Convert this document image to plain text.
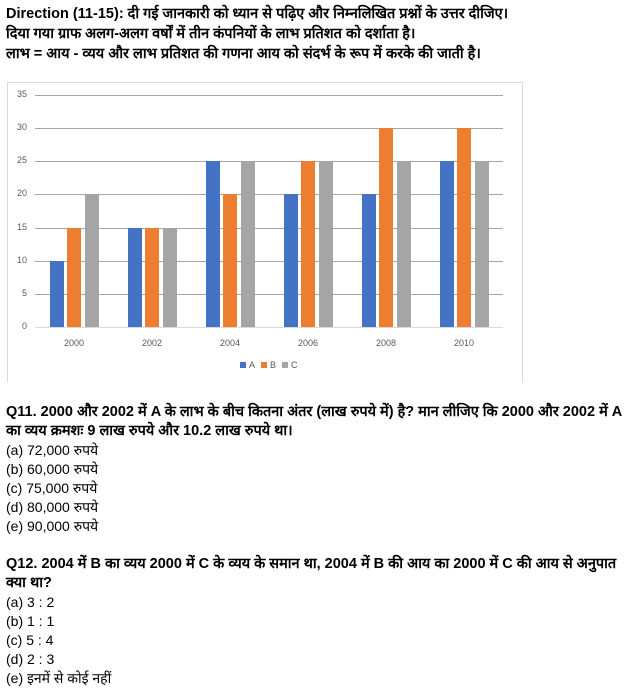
Direction (11-15): दी गई जानकारी को ध्यान से पढ़िए और निम्नलिखित प्रश्नों के उत्तर दीजिए।
दिया गया ग्राफ अलग-अलग वर्षों में तीन कंपनियों के लाभ प्रतिशत को दर्शाता है।
लाभ = आय - व्यय और लाभ प्रतिशत की गणना आय को संदर्भ के रूप में करके की जाती है।
0
5
10
15
20
25
30
35
2000	2002	2004	2006	2008	2010
A B C
Q11. 2000 और 2002 में A के लाभ के बीच कितना अंतर (लाख रुपये में) है? मान लीजिए कि 2000 और 2002 में A का व्यय क्रमशः 9 लाख रुपये और 10.2 लाख रुपये था।
(a) 72,000 रुपये
(b) 60,000 रुपये
(c) 75,000 रुपये
(d) 80,000 रुपये
(e) 90,000 रुपये
Q12. 2004 में B का व्यय 2000 में C के व्यय के समान था, 2004 में B की आय का 2000 में C की आय से अनुपात क्या था?
(a) 3 : 2
(b) 1 : 1
(c) 5 : 4
(d) 2 : 3
(e) इनमें से कोई नहीं
